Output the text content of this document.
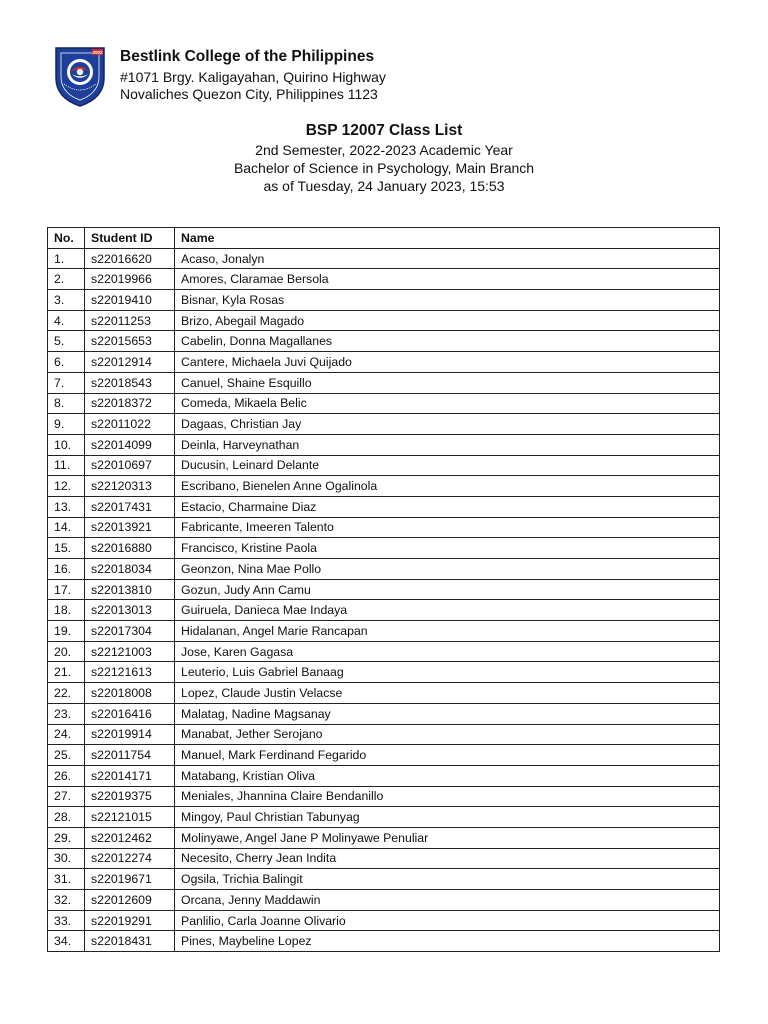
2002 Bestlink College of the Philippines
#1071 Brgy. Kaligayahan, Quirino Highway
Novaliches Quezon City, Philippines 1123
BSP 12007 Class List
2nd Semester, 2022-2023 Academic Year
Bachelor of Science in Psychology, Main Branch
as of Tuesday, 24 January 2023, 15:53
No.	Student ID	Name
1.	s22016620	Acaso, Jonalyn
2.	s22019966	Amores, Claramae Bersola
3.	s22019410	Bisnar, Kyla Rosas
4.	s22011253	Brizo, Abegail Magado
5.	s22015653	Cabelin, Donna Magallanes
6.	s22012914	Cantere, Michaela Juvi Quijado
7.	s22018543	Canuel, Shaine Esquillo
8.	s22018372	Comeda, Mikaela Belic
9.	s22011022	Dagaas, Christian Jay
10.	s22014099	Deinla, Harveynathan
11.	s22010697	Ducusin, Leinard Delante
12.	s22120313	Escribano, Bienelen Anne Ogalinola
13.	s22017431	Estacio, Charmaine Diaz
14.	s22013921	Fabricante, Imeeren Talento
15.	s22016880	Francisco, Kristine Paola
16.	s22018034	Geonzon, Nina Mae Pollo
17.	s22013810	Gozun, Judy Ann Camu
18.	s22013013	Guiruela, Danieca Mae Indaya
19.	s22017304	Hidalanan, Angel Marie Rancapan
20.	s22121003	Jose, Karen Gagasa
21.	s22121613	Leuterio, Luis Gabriel Banaag
22.	s22018008	Lopez, Claude Justin Velacse
23.	s22016416	Malatag, Nadine Magsanay
24.	s22019914	Manabat, Jether Serojano
25.	s22011754	Manuel, Mark Ferdinand Fegarido
26.	s22014171	Matabang, Kristian Oliva
27.	s22019375	Meniales, Jhannina Claire Bendanillo
28.	s22121015	Mingoy, Paul Christian Tabunyag
29.	s22012462	Molinyawe, Angel Jane P Molinyawe Penuliar
30.	s22012274	Necesito, Cherry Jean Indita
31.	s22019671	Ogsila, Trichia Balingit
32.	s22012609	Orcana, Jenny Maddawin
33.	s22019291	Panlilio, Carla Joanne Olivario
34.	s22018431	Pines, Maybeline Lopez
